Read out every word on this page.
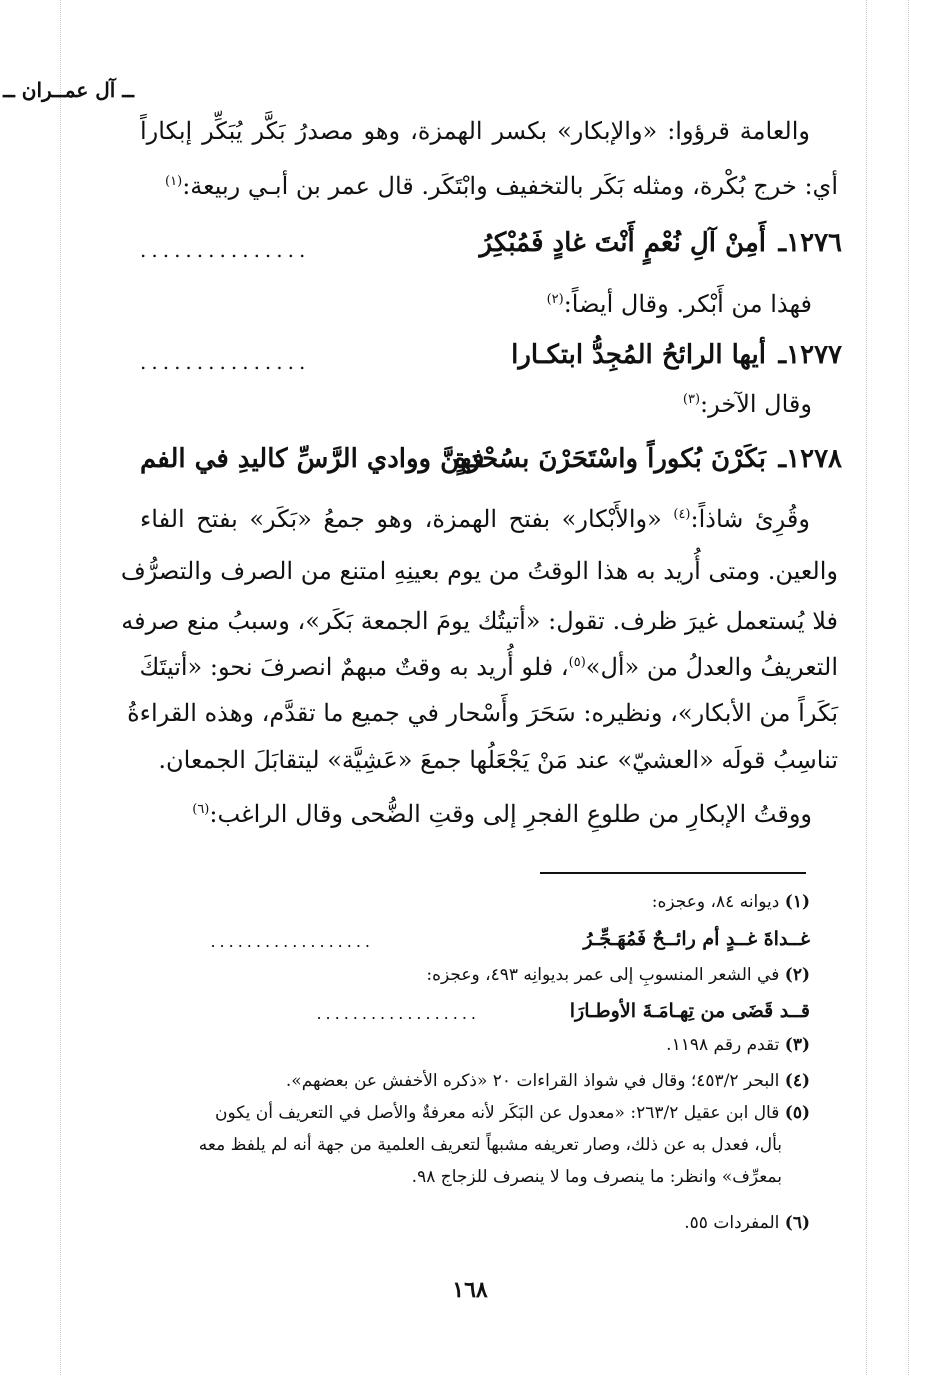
ــ آل عمــران ــ
والعامة قرؤوا: «والإبكار» بكسر الهمزة، وهو مصدرُ بَكَّر يُبَكِّر إبكاراً
أي: خرج بُكْرة، ومثله بَكَر بالتخفيف وابْتَكَر. قال عمر بن أبـي ربيعة:$^{(١)}$
١٢٧٦ـ
أَمِنْ آلِ نُعْمٍ أَنْتَ غادٍ فَمُبْكِرُ
...............
فهذا من أَبْكر. وقال أيضاً:$^{(٢)}$
١٢٧٧ـ
أيها الرائحُ المُجِدُّ ابتكـارا
...............
وقال الآخر:$^{(٣)}$
١٢٧٨ـ
بَكَرْنَ بُكوراً واسْتَحَرْنَ بسُحْرَةٍ
فهنَّ ووادي الرَّسِّ كاليدِ في الفم
وقُرِئ شاذاً:$^{(٤)}$ «والأَبْكار» بفتح الهمزة، وهو جمعُ «بَكَر» بفتح الفاء
والعين. ومتى أُريد به هذا الوقتُ من يوم بعينِهِ امتنع من الصرف والتصرُّف
فلا يُستعمل غيرَ ظرف. تقول: «أتيتُك يومَ الجمعة بَكَر»، وسببُ منع صرفه
التعريفُ والعدلُ من «أل»$^{(٥)}$، فلو أُريد به وقتٌ مبهمٌ انصرفَ نحو: «أتيتَكَ
بَكَراً من الأبكار»، ونظيره: سَحَرَ وأَسْحار في جميع ما تقدَّم، وهذه القراءةُ
تناسِبُ قولَه «العشيّ» عند مَنْ يَجْعَلُها جمعَ «عَشِيَّة» ليتقابَلَ الجمعان.
ووقتُ الإبكارِ من طلوعِ الفجرِ إلى وقتِ الضُّحى وقال الراغب:$^{(٦)}$
(١) ديوانه ٨٤، وعجزه:
..................	غــداةَ غــدٍ أم رائــحٌ فَمُهَـجِّـرُ
(٢) في الشعر المنسوبِ إلى عمر بديوانِه ٤٩٣، وعجزه:
..................	قــد قَضَى من تِهـامَـةَ الأوطـارَا
(٣) تقدم رقم ١١٩٨.
(٤) البحر ٤٥٣/٢؛ وقال في شواذ القراءات ٢٠ «ذكره الأخفش عن بعضهم».
(٥) قال ابن عقيل ٢٦٣/٢: «معدول عن البَكَر لأنه معرفةٌ والأصل في التعريف أن يكون
بأل، فعدل به عن ذلك، وصار تعريفه مشبهاً لتعريف العلمية من جهة أنه لم يلفظ معه
بمعرِّف» وانظر: ما ينصرف وما لا ينصرف للزجاج ٩٨.
(٦) المفردات ٥٥.
١٦٨
